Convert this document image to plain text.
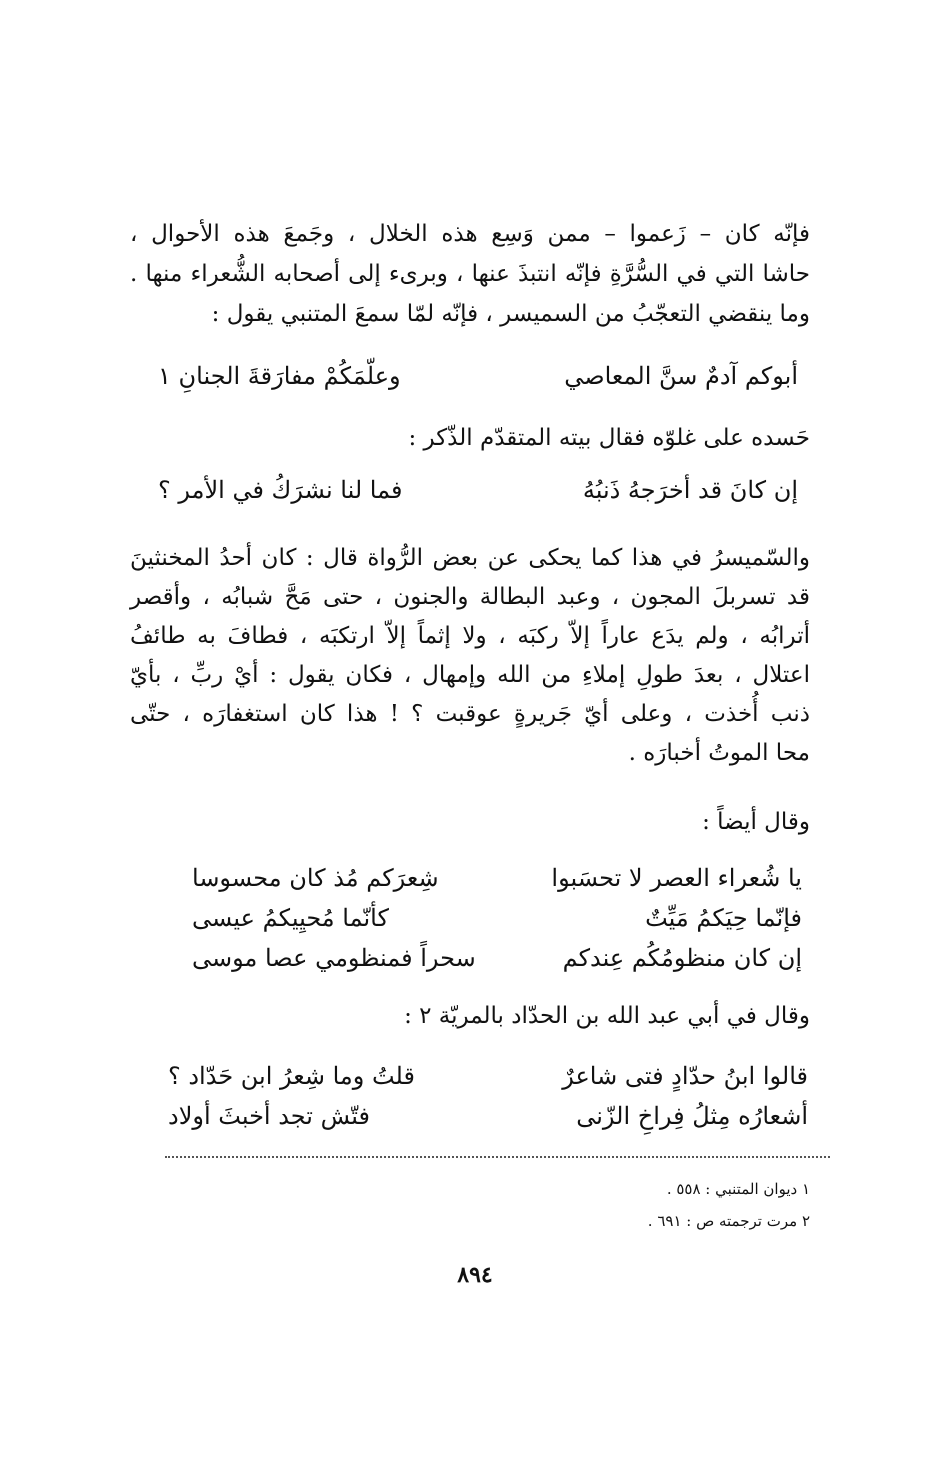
فإنّه كان – زَعموا – ممن وَسِع هذه الخلال ، وجَمعَ هذه الأحوال ،
حاشا التي في السُّرَّةِ فإنّه انتبذَ عنها ، وبرىء إلى أصحابه الشُّعراء منها .
وما ينقضي التعجّبُ من السميسر ، فإنّه لمّا سمعَ المتنبي يقول :
أبوكم آدمٌ سنَّ المعاصي
وعلّمَكُمْ مفارَقةَ الجنانِ ١
حَسده على غلوّه فقال بيته المتقدّم الذّكر :
إن كانَ قد أخرَجهُ ذَنبُهُ
فما لنا نشرَكُ في الأمر ؟
والسّميسرُ في هذا كما يحكى عن بعض الرُّواة قال : كان أحدُ المخنثينَ
قد تسربلَ المجون ، وعبد البطالة والجنون ، حتى مَحَّ شبابُه ، وأقصر
أترابُه ، ولم يدَع عاراً إلاّ ركبَه ، ولا إثماً إلاّ ارتكبَه ، فطافَ به طائفُ
اعتلال ، بعدَ طولِ إملاءِ من الله وإمهال ، فكان يقول : أيْ ربِّ ، بأيّ
ذنب أُخذت ، وعلى أيّ جَريرةٍ عوقبت ؟ ! هذا كان استغفارَه ، حتّى
محا الموتُ أخبارَه .
وقال أيضاً :
يا شُعراء العصر لا تحسَبوا
شِعرَكم مُذ كان محسوسا
فإنّما حِيَكمُ مَيِّتٌ
كأنّما مُحيِيكمُ عيسى
إن كان منظومُكُم عِندكم
سحراً فمنظومي عصا موسى
وقال في أبي عبد الله بن الحدّاد بالمريّة ٢ :
قالوا ابنُ حدّادٍ فتى شاعرٌ
قلتُ وما شِعرُ ابن حَدّاد ؟
أشعارُه مِثلُ فِراخِ الزّنى
فتّش تجد أخبثَ أولاد
١ ديوان المتنبي : ٥٥٨ .
٢ مرت ترجمته ص : ٦٩١ .
٨٩٤
